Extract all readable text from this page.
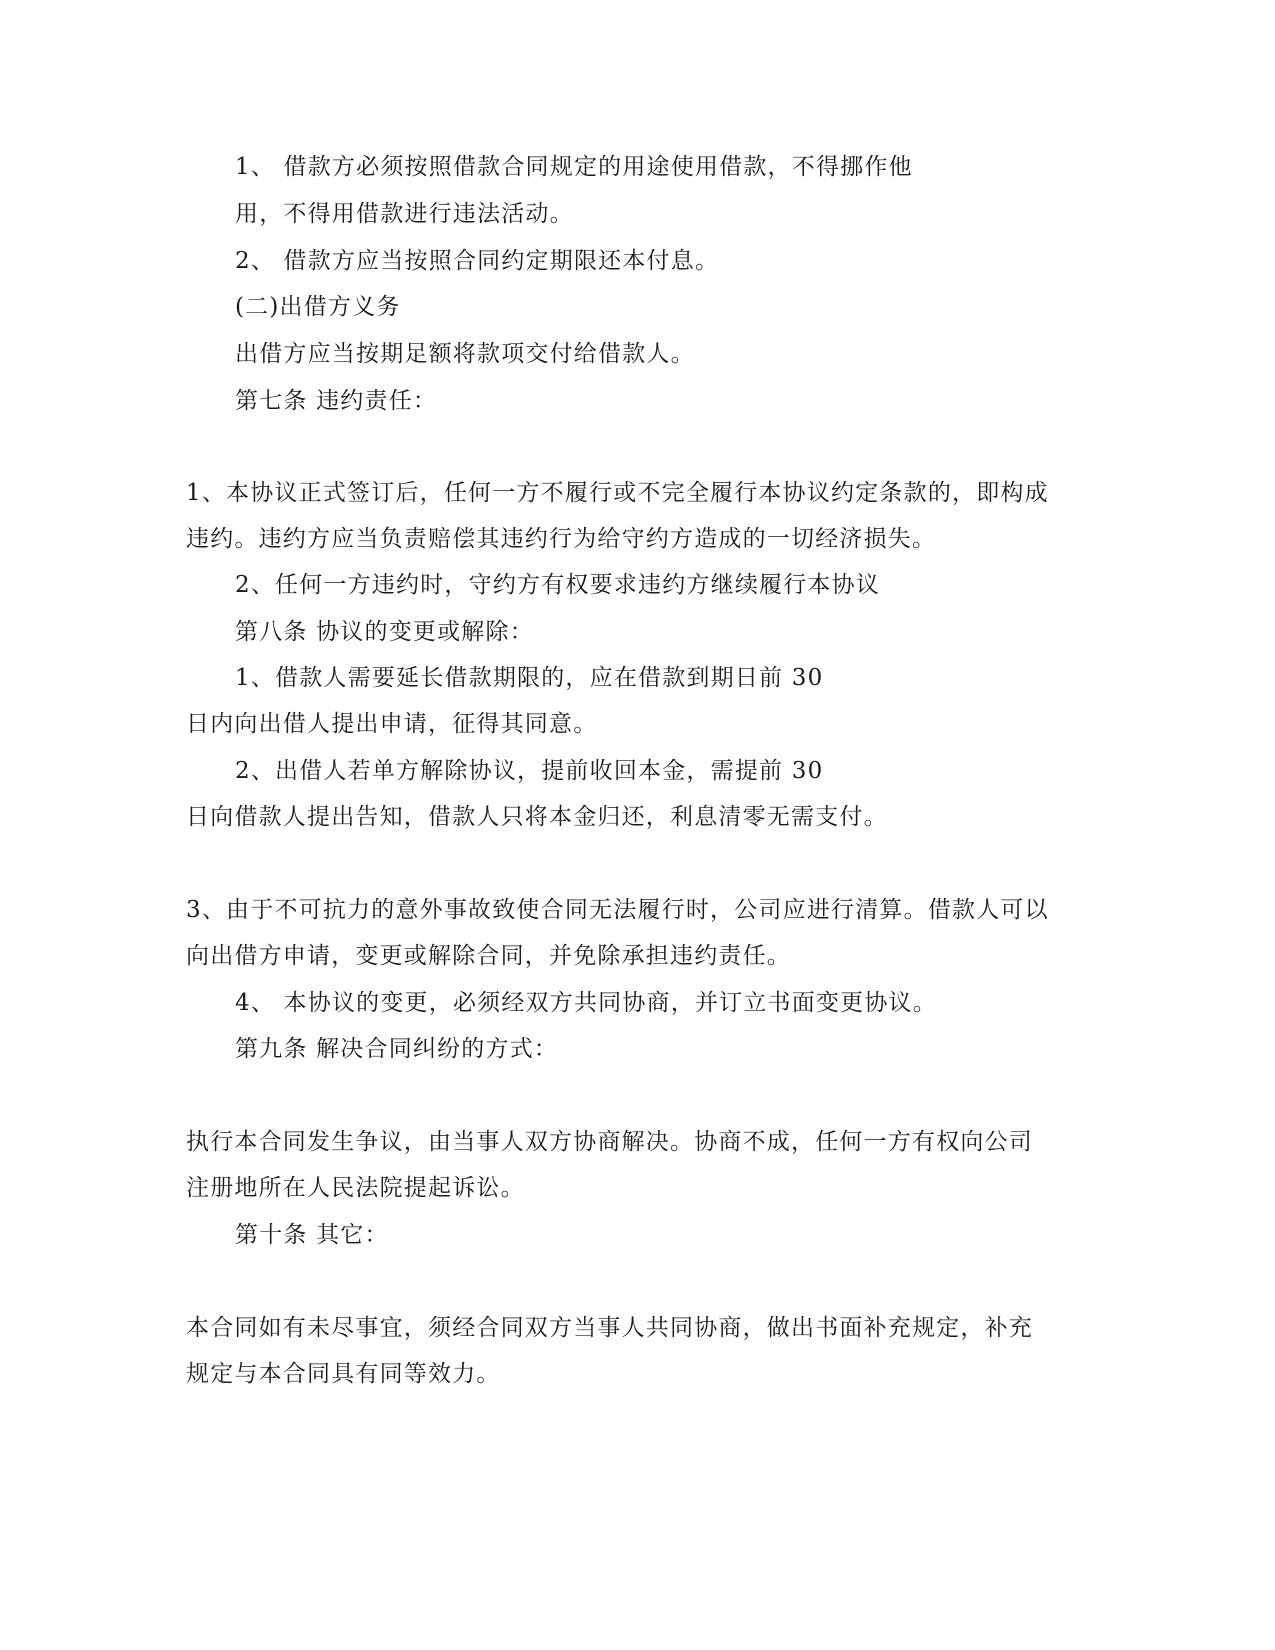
1、 借款方必须按照借款合同规定的用途使用借款，不得挪作他
用，不得用借款进行违法活动。
2、 借款方应当按照合同约定期限还本付息。
(二)出借方义务
出借方应当按期足额将款项交付给借款人。
第七条 违约责任：
1、本协议正式签订后，任何一方不履行或不完全履行本协议约定条款的，即构成
违约。违约方应当负责赔偿其违约行为给守约方造成的一切经济损失。
2、任何一方违约时，守约方有权要求违约方继续履行本协议
第八条 协议的变更或解除：
1、借款人需要延长借款期限的，应在借款到期日前 30
日内向出借人提出申请，征得其同意。
2、出借人若单方解除协议，提前收回本金，需提前 30
日向借款人提出告知，借款人只将本金归还，利息清零无需支付。
3、由于不可抗力的意外事故致使合同无法履行时，公司应进行清算。借款人可以
向出借方申请，变更或解除合同，并免除承担违约责任。
4、 本协议的变更，必须经双方共同协商，并订立书面变更协议。
第九条 解决合同纠纷的方式：
执行本合同发生争议，由当事人双方协商解决。协商不成，任何一方有权向公司
注册地所在人民法院提起诉讼。
第十条 其它：
本合同如有未尽事宜，须经合同双方当事人共同协商，做出书面补充规定，补充
规定与本合同具有同等效力。
